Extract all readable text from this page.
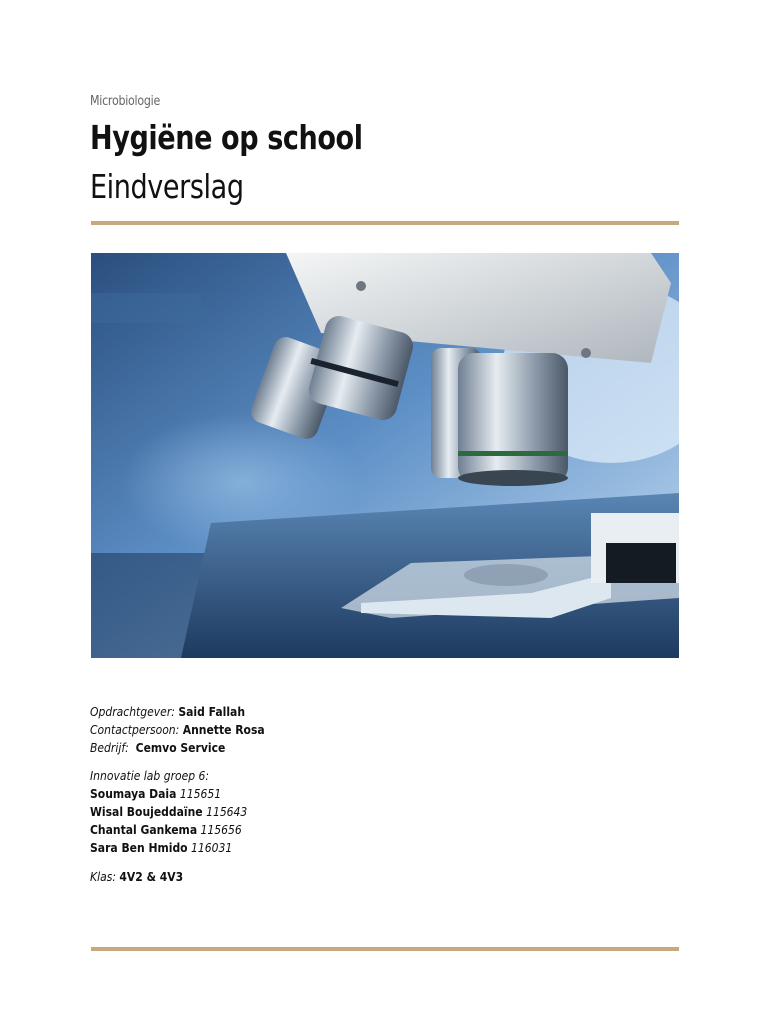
Microbiologie
Hygiëne op school
Eindverslag
Opdrachtgever: Said Fallah
Contactpersoon: Annette Rosa
Bedrijf: Cemvo Service
Innovatie lab groep 6:
Soumaya Daia 115651
Wisal Boujeddaïne 115643
Chantal Gankema 115656
Sara Ben Hmido 116031
Klas: 4V2 & 4V3
